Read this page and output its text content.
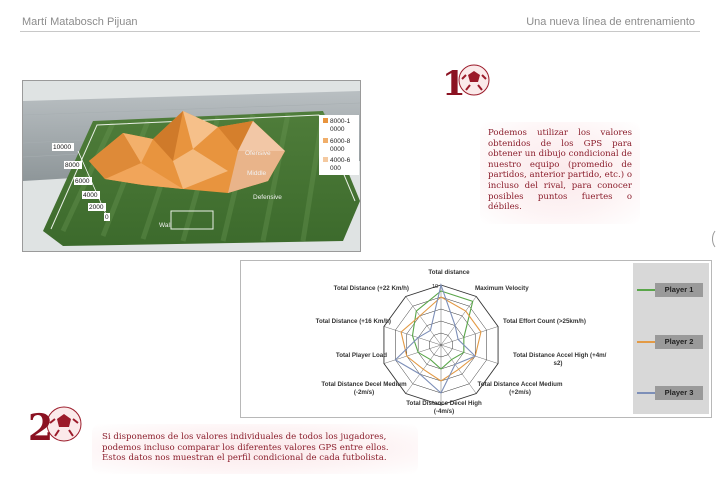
Martí Matabosch Pijuan	Una nueva línea de entrenamiento
8000-1 0000
6000-8 0000
4000-6 000
10000
8000
6000
4000
2000
0
Ofensive
Middle
Defensive
Wall
1
2

Podemos utilizar los valores obtenidos de los GPS para obtener un dibujo condicional de nuestro equipo (promedio de partidos, anterior partido, etc.) o incluso del rival, para conocer posibles puntos fuertes o débiles.

10
Total distance
Maximum Velocity
Total Effort Count (>25km/h)
Total Distance Accel High (+4m/
s2)
Total Distance Accel Medium
(+2m/s)
Total Distance Decel High
(-4m/s)
Total Distance Decel Medium
(-2m/s)
Total Player Load
Total Distance (+16 Km/h)
Total Distance (+22 Km/h)	Player 1
Player 2
Player 3

Si disponemos de los valores individuales de todos los jugadores, podemos incluso comparar los diferentes valores GPS entre ellos. Estos datos nos muestran el perfil condicional de cada futbolista.
